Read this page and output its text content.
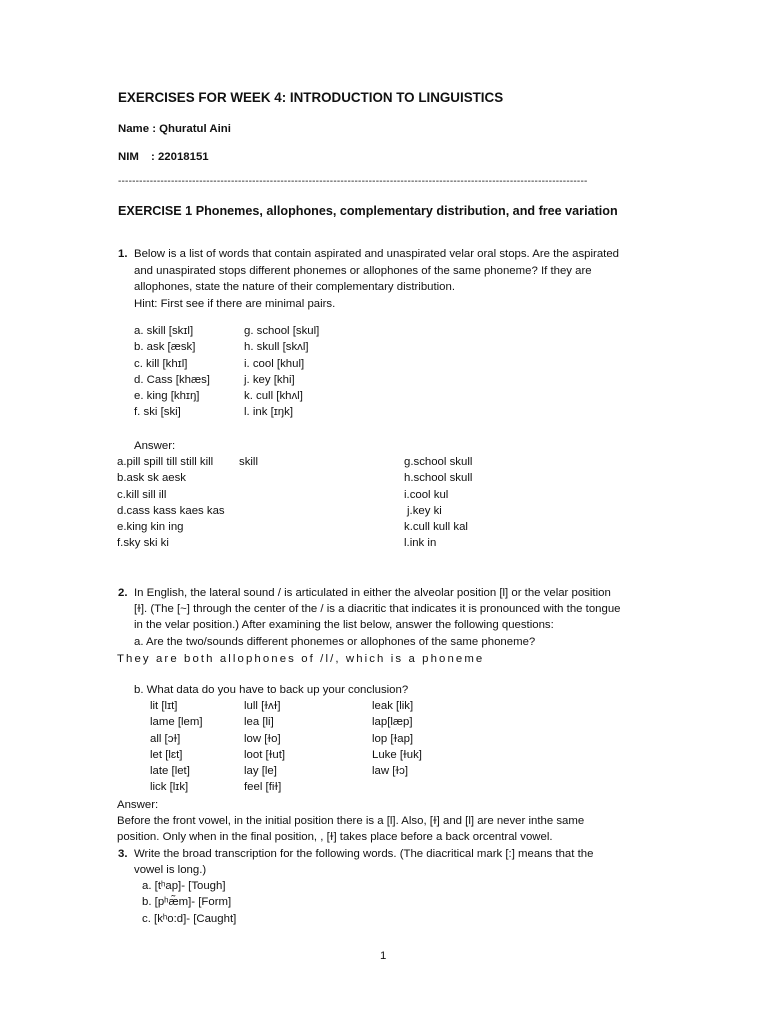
EXERCISES FOR WEEK 4: INTRODUCTION TO LINGUISTICS
Name : Qhuratul Aini
NIM : 22018151
-------------------------------------------------------------------------------------------------------------------------------------
EXERCISE 1 Phonemes, allophones, complementary distribution, and free variation
1. Below is a list of words that contain aspirated and unaspirated velar oral stops. Are the aspirated
and unaspirated stops different phonemes or allophones of the same phoneme? If they are
allophones, state the nature of their complementary distribution.
Hint: First see if there are minimal pairs.
a. skill [skɪl]
b. ask [æsk]
c. kill [khɪl]
d. Cass [khæs]
e. king [khɪŋ]
f. ski [ski]
g. school [skul]
h. skull [skʌl]
i. cool [khul]
j. key [khi]
k. cull [khʌl]
l. ink [ɪŋk]
Answer:
a.pill spill till still kill
b.ask sk aesk
c.kill sill ill
d.cass kass kaes kas
e.king kin ing
f.sky ski ki
skill	g.school skull
h.school skull
i.cool kul
j.key ki
k.cull kull kal
l.ink in
2. In English, the lateral sound / is articulated in either the alveolar position [l] or the velar position
[ɫ]. (The [~] through the center of the / is a diacritic that indicates it is pronounced with the tongue
in the velar position.) After examining the list below, answer the following questions:
a. Are the two/sounds different phonemes or allophones of the same phoneme?
They are both allophones of /l/, which is a phoneme
b. What data do you have to back up your conclusion?
lit [lɪt]
lame [lem]
all [ɔɫ]
let [lɛt]
late [let]
lick [lɪk]
lull [ɫʌɫ]
lea [li]
low [ɫo]
loot [ɫut]
lay [le]
feel [fiɫ]
leak [lik]
lap[læp]
lop [ɫap]
Luke [ɫuk]
law [ɫɔ]
Answer:
Before the front vowel, in the initial position there is a [l]. Also, [ɫ] and [l] are never inthe same
position. Only when in the final position, , [ɫ] takes place before a back orcentral vowel.
3. Write the broad transcription for the following words. (The diacritical mark [:] means that the
vowel is long.)
a. [tʰap]- [Tough]
b. [pʰæ̃m]- [Form]
c. [kʰo:d]- [Caught]
1
